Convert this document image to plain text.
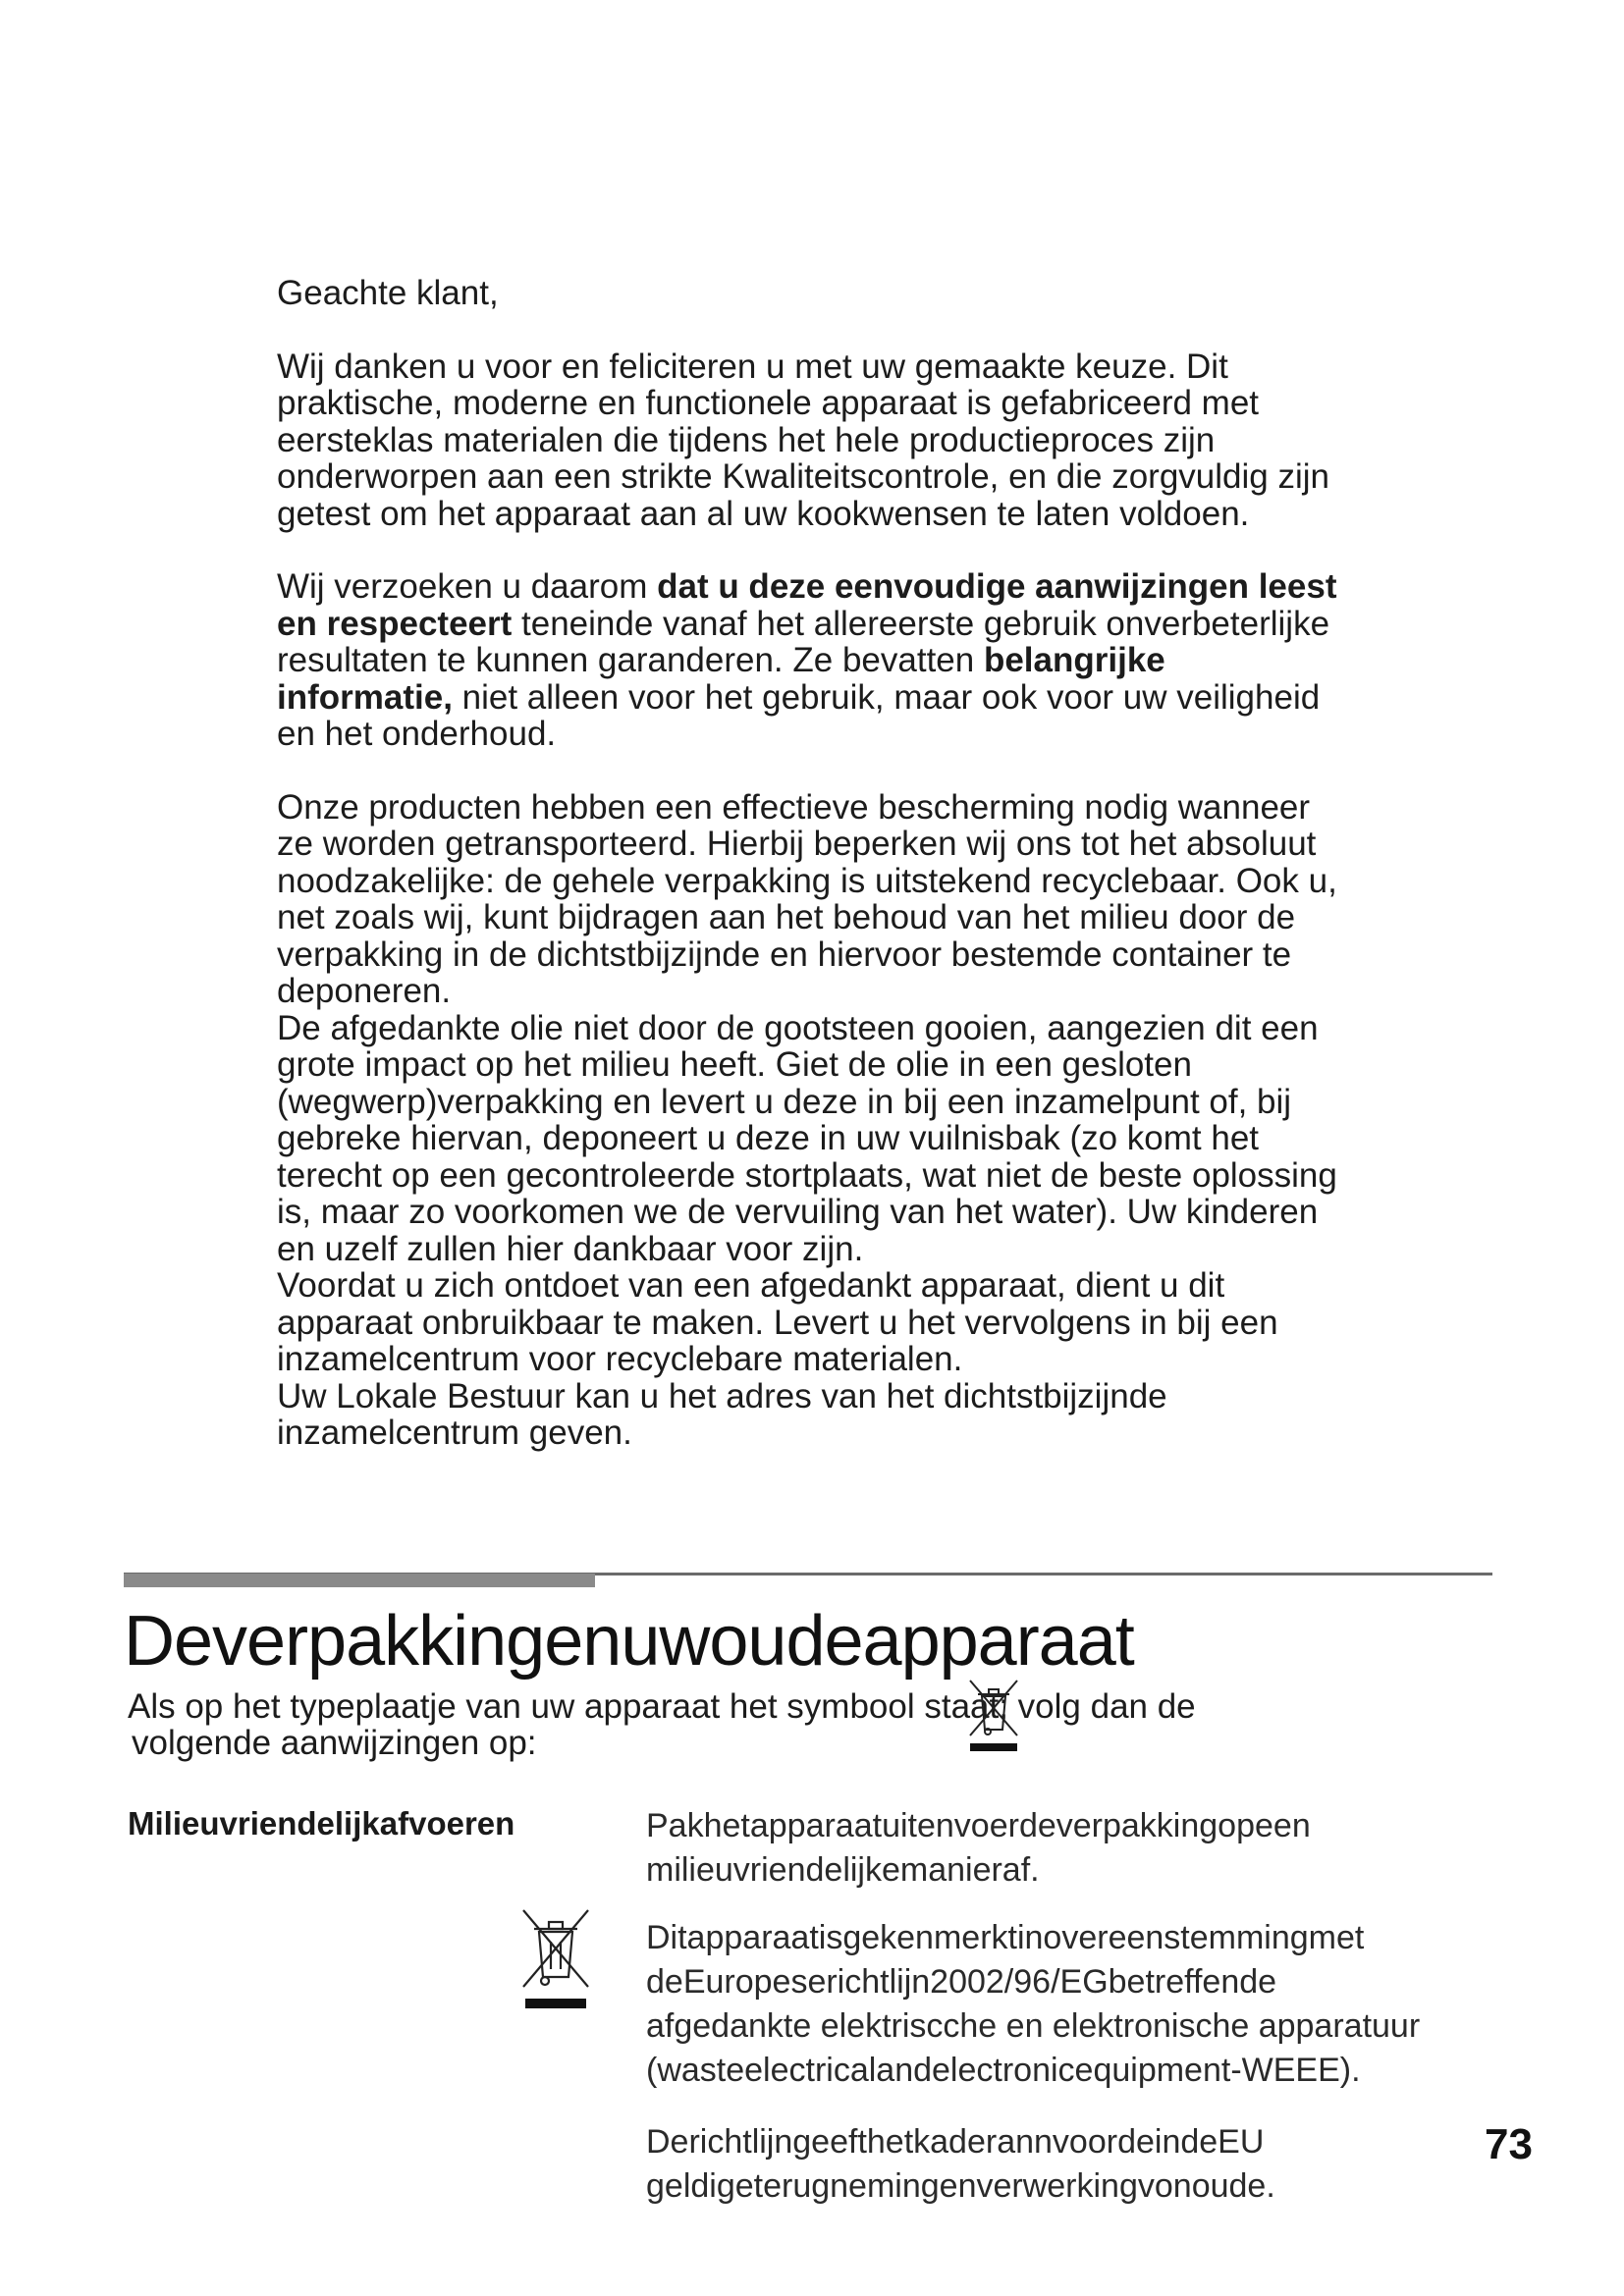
Geachte klant,

Wij danken u voor en feliciteren u met uw gemaakte keuze. Dit praktische, moderne en functionele apparaat is gefabriceerd met eersteklas materialen die tijdens het hele productieproces zijn onderworpen aan een strikte Kwaliteitscontrole, en die zorgvuldig zijn getest om het apparaat aan al uw kookwensen te laten voldoen.

Wij verzoeken u daarom dat u deze eenvoudige aanwijzingen leest en respecteert teneinde vanaf het allereerste gebruik onverbeterlijke resultaten te kunnen garanderen. Ze bevatten belangrijke informatie, niet alleen voor het gebruik, maar ook voor uw veiligheid en het onderhoud.

Onze producten hebben een effectieve bescherming nodig wanneer ze worden getransporteerd. Hierbij beperken wij ons tot het absoluut noodzakelijke: de gehele verpakking is uitstekend recyclebaar. Ook u, net zoals wij, kunt bijdragen aan het behoud van het milieu door de verpakking in de dichtstbijzijnde en hiervoor bestemde container te deponeren.

De afgedankte olie niet door de gootsteen gooien, aangezien dit een grote impact op het milieu heeft. Giet de olie in een gesloten (wegwerp)verpakking en levert u deze in bij een inzamelpunt of, bij gebreke hiervan, deponeert u deze in uw vuilnisbak (zo komt het terecht op een gecontroleerde stortplaats, wat niet de beste oplossing is, maar zo voorkomen we de vervuiling van het water). Uw kinderen en uzelf zullen hier dankbaar voor zijn.

Voordat u zich ontdoet van een afgedankt apparaat, dient u dit apparaat onbruikbaar te maken. Levert u het vervolgens in bij een inzamelcentrum voor recyclebare materialen.

Uw Lokale Bestuur kan u het adres van het dichtstbijzijnde inzamelcentrum geven.

Deverpakkingenuwoudeapparaat
Als op het typeplaatje van uw apparaat het symbool staat; volg dan de
volgende aanwijzingen op:
Milieuvriendelijkafvoeren	Pakhetapparaatuitenvoerdeverpakkingopeen
milieuvriendelijkemanieraf.
Ditapparaatisgekenmerktinovereenstemmingmet
deEuropeserichtlijn2002/96/EGbetreffende
afgedankte elektrisсche en elektronische apparatuur
(wasteelectricalandelectronicequipment-WEEE).
DerichtlijngeefthetkaderannvoordeindeEU
geldigeterugnemingenverwerkingvonoude.
73
